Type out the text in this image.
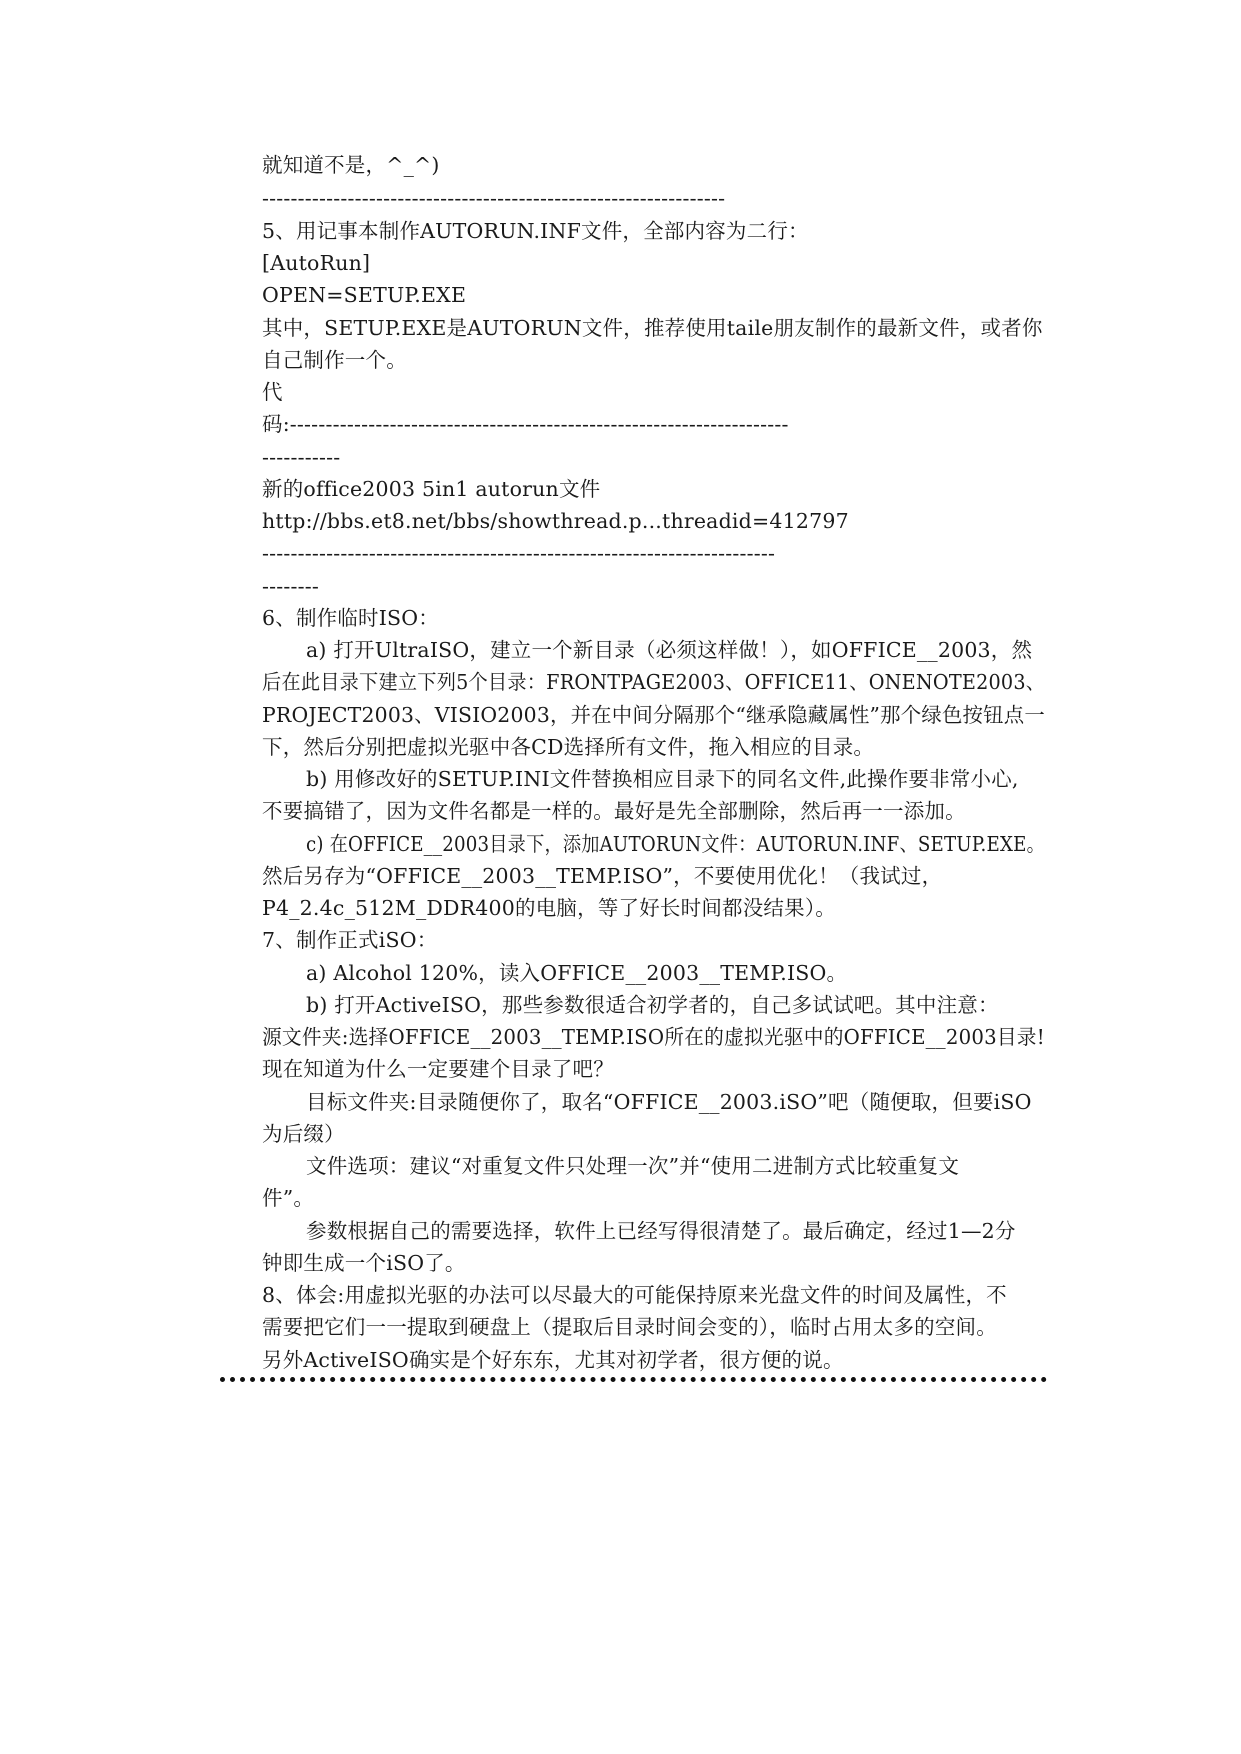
就知道不是，^_^)
-----------------------------------------------------------------
5、用记事本制作AUTORUN.INF文件，全部内容为二行：
[AutoRun]
OPEN=SETUP.EXE
其中，SETUP.EXE是AUTORUN文件，推荐使用taile朋友制作的最新文件，或者你
自己制作一个。
代
码:----------------------------------------------------------------------
-----------
新的office2003 5in1 autorun文件
http://bbs.et8.net/bbs/showthread.p...threadid=412797
------------------------------------------------------------------------
--------
6、制作临时ISO：
a) 打开UltraISO，建立一个新目录（必须这样做！），如OFFICE__2003，然
后在此目录下建立下列5个目录：FRONTPAGE2003、OFFICE11、ONENOTE2003、
PROJECT2003、VISIO2003，并在中间分隔那个“继承隐藏属性”那个绿色按钮点一
下，然后分别把虚拟光驱中各CD选择所有文件，拖入相应的目录。
b) 用修改好的SETUP.INI文件替换相应目录下的同名文件,此操作要非常小心,
不要搞错了，因为文件名都是一样的。最好是先全部删除，然后再一一添加。
c) 在OFFICE__2003目录下，添加AUTORUN文件：AUTORUN.INF、SETUP.EXE。
然后另存为“OFFICE__2003__TEMP.ISO”，不要使用优化！（我试过，
P4_2.4c_512M_DDR400的电脑，等了好长时间都没结果）。
7、制作正式iSO：
a) Alcohol 120%，读入OFFICE__2003__TEMP.ISO。
b) 打开ActiveISO，那些参数很适合初学者的，自己多试试吧。其中注意：
源文件夹:选择OFFICE__2003__TEMP.ISO所在的虚拟光驱中的OFFICE__2003目录!
现在知道为什么一定要建个目录了吧？
目标文件夹:目录随便你了，取名“OFFICE__2003.iSO”吧（随便取，但要iSO
为后缀）
文件选项：建议“对重复文件只处理一次”并“使用二进制方式比较重复文
件”。
参数根据自己的需要选择，软件上已经写得很清楚了。最后确定，经过1—2分
钟即生成一个iSO了。
8、体会:用虚拟光驱的办法可以尽最大的可能保持原来光盘文件的时间及属性，不
需要把它们一一提取到硬盘上（提取后目录时间会变的），临时占用太多的空间。
另外ActiveISO确实是个好东东，尤其对初学者，很方便的说。
